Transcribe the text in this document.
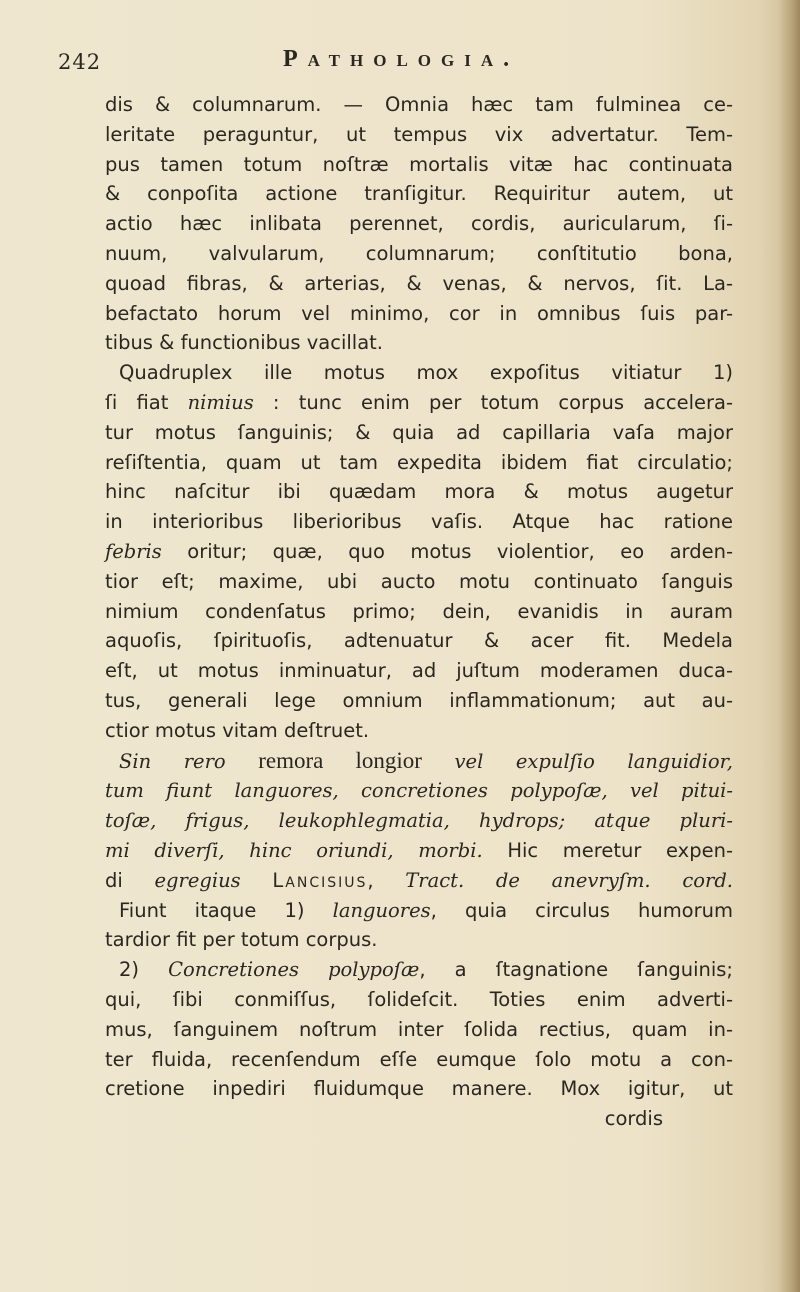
242	Pathologia.
dis & columnarum. — Omnia hæc tam fulminea ce-
leritate peraguntur, ut tempus vix advertatur. Tem-
pus tamen totum noſtræ mortalis vitæ hac continuata
& conpoſita actione tranſigitur. Requiritur autem, ut
actio hæc inlibata perennet, cordis, auricularum, ſi-
nuum, valvularum, columnarum; conſtitutio bona,
quoad fibras, & arterias, & venas, & nervos, ſit. La-
befactato horum vel minimo, cor in omnibus ſuis par-
tibus & functionibus vacillat.
Quadruplex ille motus mox expoſitus vitiatur 1)
ſi fiat nimius : tunc enim per totum corpus accelera-
tur motus ſanguinis; & quia ad capillaria vaſa major
reſiſtentia, quam ut tam expedita ibidem fiat circulatio;
hinc naſcitur ibi quædam mora & motus augetur
in interioribus liberioribus vaſis. Atque hac ratione
febris oritur; quæ, quo motus violentior, eo arden-
tior eſt; maxime, ubi aucto motu continuato ſanguis
nimium condenſatus primo; dein, evanidis in auram
aquoſis, ſpirituoſis, adtenuatur & acer fit. Medela
eſt, ut motus inminuatur, ad juſtum moderamen duca-
tus, generali lege omnium inflammationum; aut au-
ctior motus vitam deſtruet.
Sin rero remora longior vel expulſio languidior,
tum fiunt languores, concretiones polypoſæ, vel pitui-
toſæ, frigus, leukophlegmatia, hydrops; atque pluri-
mi diverſi, hinc oriundi, morbi. Hic meretur expen-
di egregius Lancisius, Tract. de anevryſm. cord.
Fiunt itaque 1) languores, quia circulus humorum
tardior fit per totum corpus.
2) Concretiones polypoſæ, a ſtagnatione ſanguinis;
qui, ſibi conmiſſus, ſolideſcit. Toties enim adverti-
mus, ſanguinem noſtrum inter ſolida rectius, quam in-
ter fluida, recenſendum eſſe eumque ſolo motu a con-
cretione inpediri fluidumque manere. Mox igitur, ut
cordis
